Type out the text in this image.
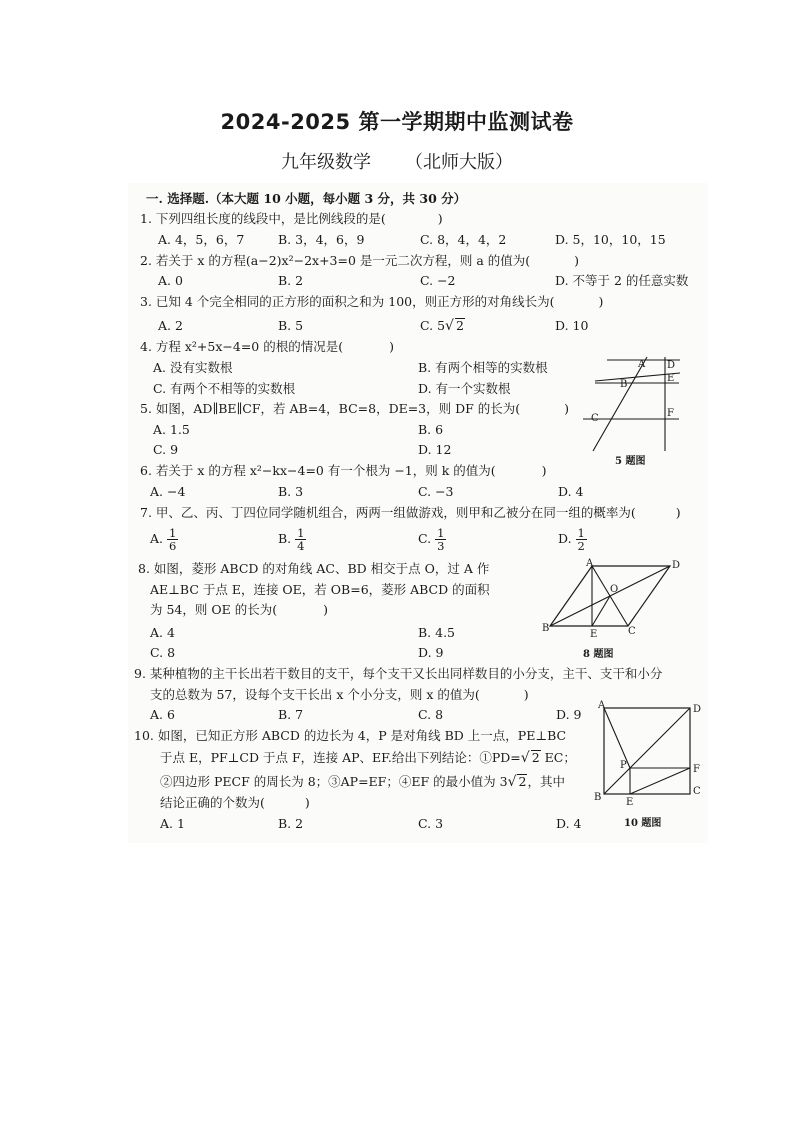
2024-2025 第一学期期中监测试卷
九年级数学 （北师大版）
一. 选择题.（本大题 10 小题，每小题 3 分，共 30 分）
1. 下列四组长度的线段中，是比例线段的是(	)
A. 4，5，6，7	B. 3，4，6，9	C. 8，4，4，2	D. 5，10，10，15
2. 若关于 x 的方程(a−2)x²−2x+3=0 是一元二次方程，则 a 的值为(	)
A. 0	B. 2	C. −2	D. 不等于 2 的任意实数
3. 已知 4 个完全相同的正方形的面积之和为 100，则正方形的对角线长为(	)
A. 2	B. 5	C. 5√ 2	D. 10
4. 方程 x²+5x−4=0 的根的情况是(	)
A. 没有实数根	B. 有两个相等的实数根
C. 有两个不相等的实数根	D. 有一个实数根
5. 如图，AD∥BE∥CF，若 AB=4，BC=8，DE=3，则 DF 的长为(	)
A. 1.5	B. 6
C. 9	D. 12
A
B
C
D
E
F
5 题图
6. 若关于 x 的方程 x²−kx−4=0 有一个根为 −1，则 k 的值为(	)
A. −4	B. 3	C. −3	D. 4
7. 甲、乙、丙、丁四位同学随机组合，两两一组做游戏，则甲和乙被分在同一组的概率为(	)
A. $\frac{1}{6}$	B. $\frac{1}{4}$	C. $\frac{1}{3}$	D. $\frac{1}{2}$
8. 如图，菱形 ABCD 的对角线 AC、BD 相交于点 O，过 A 作
AE⊥BC 于点 E，连接 OE，若 OB=6，菱形 ABCD 的面积
为 54，则 OE 的长为(	)
A. 4	B. 4.5
C. 8	D. 9
A
B	C
D
E
O
8 题图
9. 某种植物的主干长出若干数目的支干，每个支干又长出同样数目的小分支，主干、支干和小分
支的总数为 57，设每个支干长出 x 个小分支，则 x 的值为(	)
A. 6	B. 7	C. 8	D. 9
10. 如图，已知正方形 ABCD 的边长为 4，P 是对角线 BD 上一点，PE⊥BC
于点 E，PF⊥CD 于点 F，连接 AP、EF.给出下列结论：①PD=√ 2 EC；
②四边形 PECF 的周长为 8；③AP=EF；④EF 的最小值为 3√ 2，其中
结论正确的个数为(	)
A. 1	B. 2	C. 3	D. 4
A
B
C
D
E
F
P
10 题图
